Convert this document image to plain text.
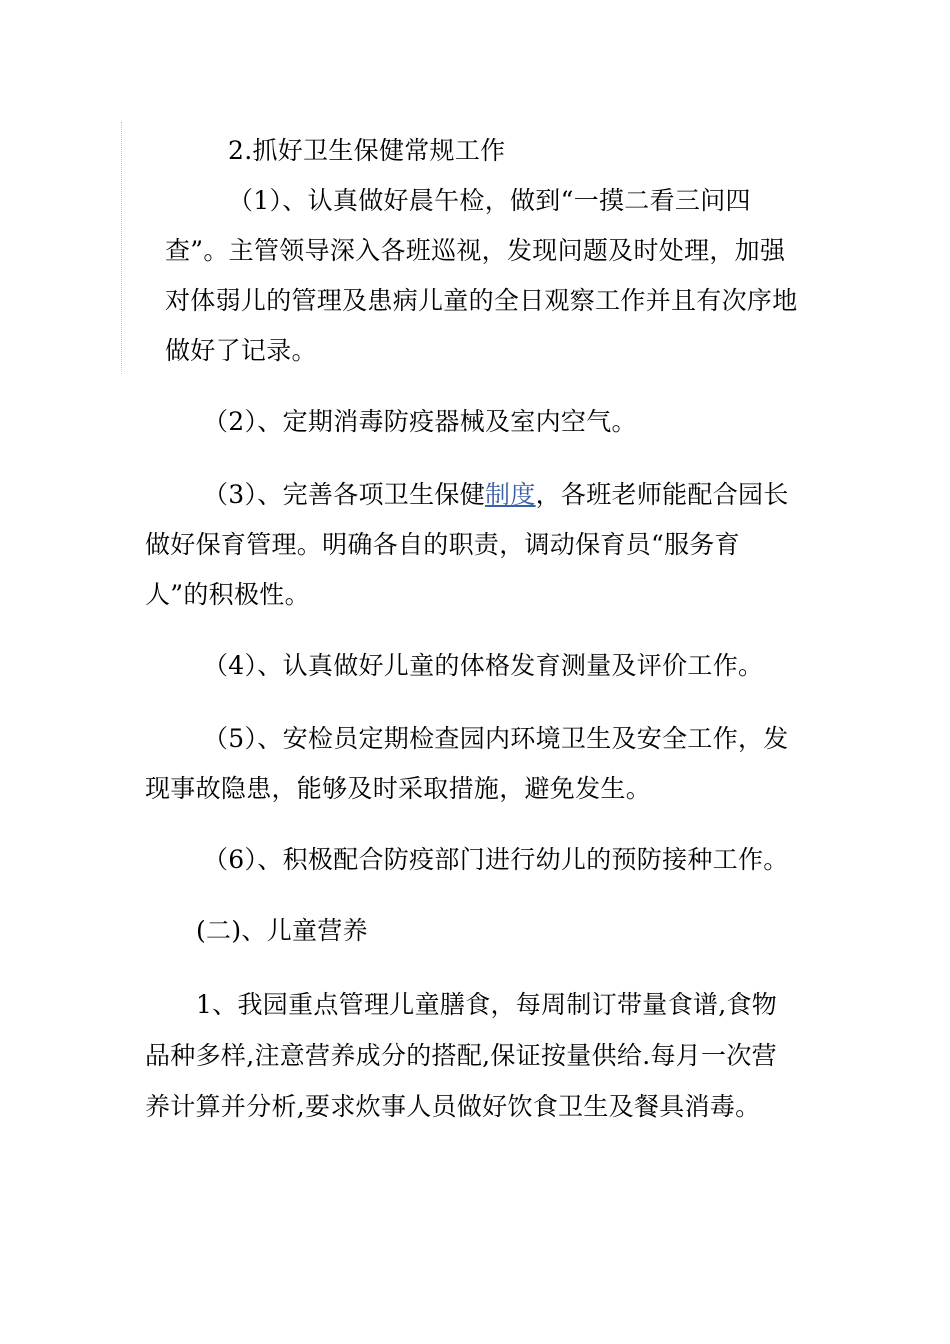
2.抓好卫生保健常规工作
（1）、认真做好晨午检，做到“一摸二看三问四
查”。主管领导深入各班巡视，发现问题及时处理，加强
对体弱儿的管理及患病儿童的全日观察工作并且有次序地
做好了记录。
（2）、定期消毒防疫器械及室内空气。
（3）、完善各项卫生保健制度，各班老师能配合园长
做好保育管理。明确各自的职责，调动保育员“服务育
人”的积极性。
（4）、认真做好儿童的体格发育测量及评价工作。
（5）、安检员定期检查园内环境卫生及安全工作，发
现事故隐患，能够及时采取措施，避免发生。
（6）、积极配合防疫部门进行幼儿的预防接种工作。
(二)、儿童营养
1、我园重点管理儿童膳食，每周制订带量食谱,食物
品种多样,注意营养成分的搭配,保证按量供给.每月一次营
养计算并分析,要求炊事人员做好饮食卫生及餐具消毒。
